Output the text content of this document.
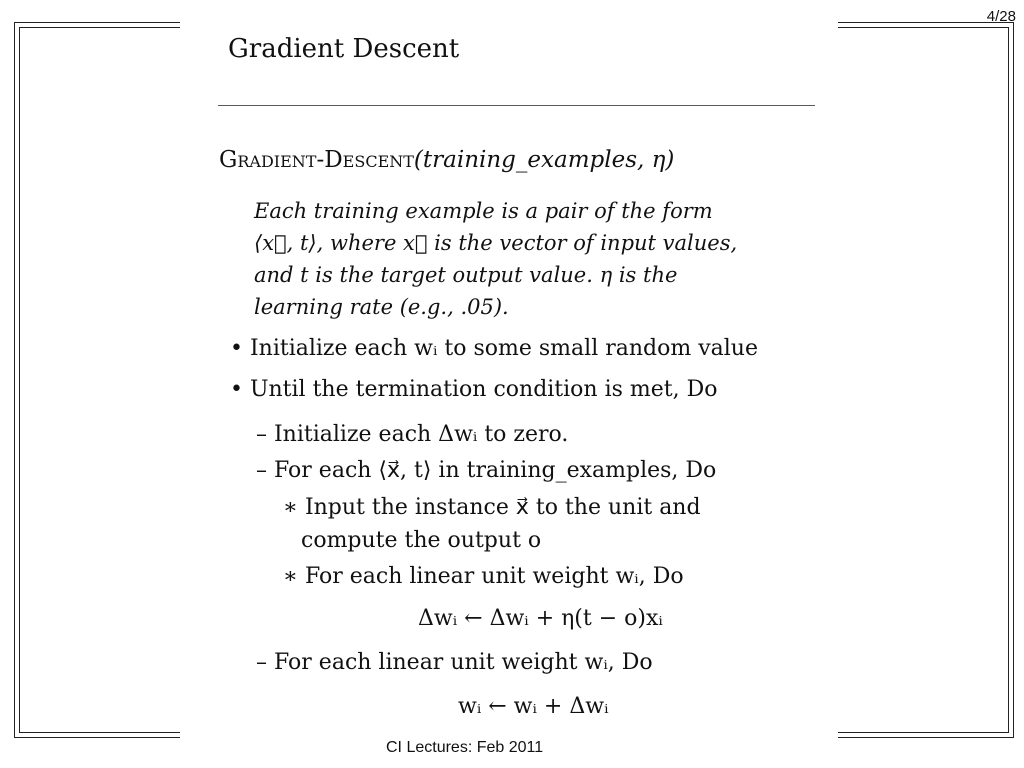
4/28
Gradient Descent
Gradient-Descent(training_examples, η)
Each training example is a pair of the form
⟨x⃗, t⟩, where x⃗ is the vector of input values,
and t is the target output value. η is the
learning rate (e.g., .05).
• Initialize each wᵢ to some small random value
• Until the termination condition is met, Do
– Initialize each Δwᵢ to zero.
– For each ⟨x⃗, t⟩ in training_examples, Do
∗ Input the instance x⃗ to the unit and
compute the output o
∗ For each linear unit weight wᵢ, Do
Δwᵢ ← Δwᵢ + η(t − o)xᵢ
– For each linear unit weight wᵢ, Do
wᵢ ← wᵢ + Δwᵢ
CI Lectures: Feb 2011
